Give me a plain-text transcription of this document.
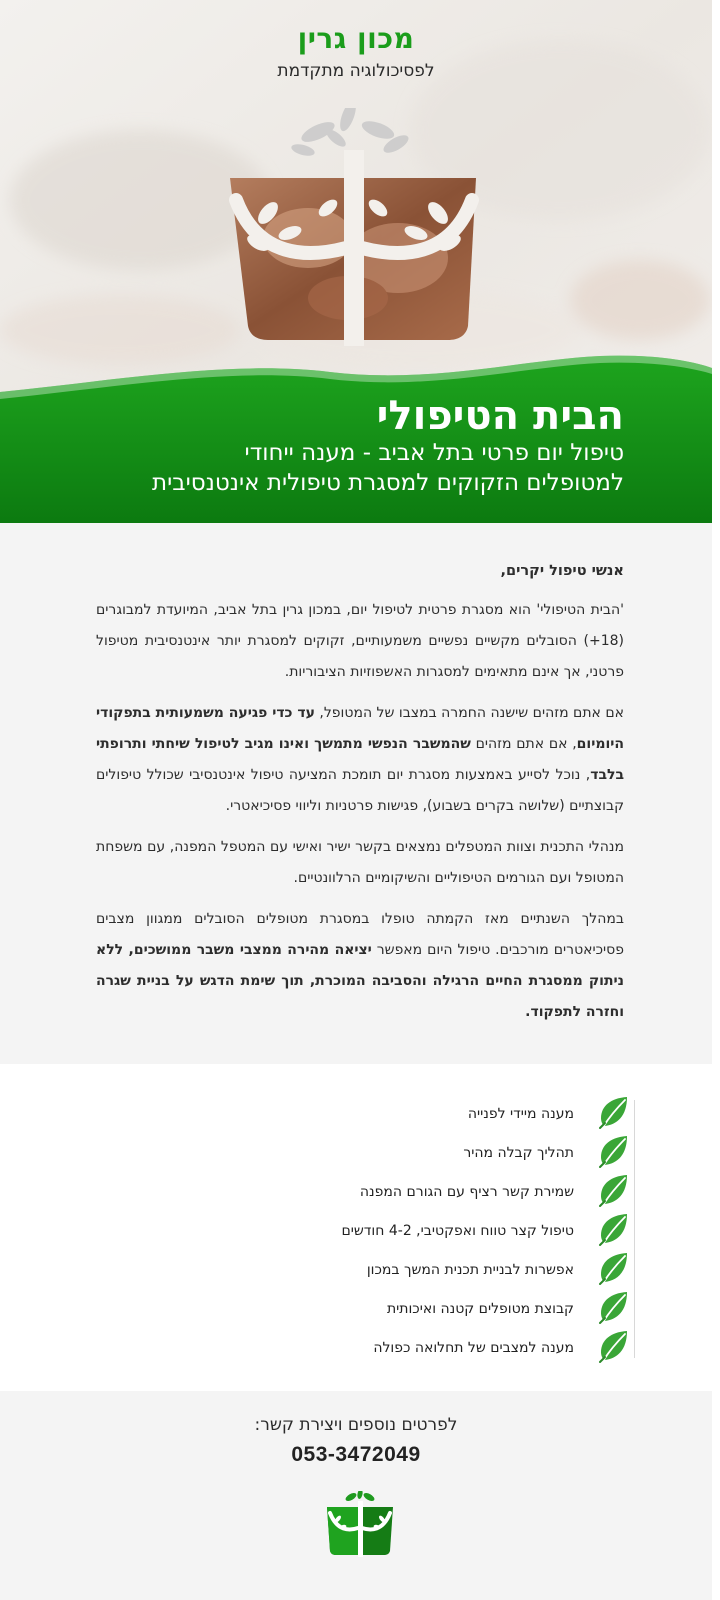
מכון גרין
לפסיכולוגיה מתקדמת
הבית הטיפולי
טיפול יום פרטי בתל אביב - מענה ייחודי
למטופלים הזקוקים למסגרת טיפולית אינטנסיבית
אנשי טיפול יקרים,

'הבית הטיפולי' הוא מסגרת פרטית לטיפול יום, במכון גרין בתל אביב, המיועדת למבוגרים (18+) הסובלים מקשיים נפשיים משמעותיים, זקוקים למסגרת יותר אינטנסיבית מטיפול פרטני, אך אינם מתאימים למסגרות האשפוזיות הציבוריות.

אם אתם מזהים שישנה החמרה במצבו של המטופל, עד כדי פגיעה משמעותית בתפקודי היומיום, אם אתם מזהים שהמשבר הנפשי מתמשך ואינו מגיב לטיפול שיחתי ותרופתי בלבד, נוכל לסייע באמצעות מסגרת יום תומכת המציעה טיפול אינטנסיבי שכולל טיפולים קבוצתיים (שלושה בקרים בשבוע), פגישות פרטניות וליווי פסיכיאטרי.

מנהלי התכנית וצוות המטפלים נמצאים בקשר ישיר ואישי עם המטפל המפנה, עם משפחת המטופל ועם הגורמים הטיפוליים והשיקומיים הרלוונטיים.

במהלך השנתיים מאז הקמתה טופלו במסגרת מטופלים הסובלים ממגוון מצבים פסיכיאטרים מורכבים. טיפול היום מאפשר יציאה מהירה ממצבי משבר ממושכים, ללא ניתוק ממסגרת החיים הרגילה והסביבה המוכרת, תוך שימת הדגש על בניית שגרה וחזרה לתפקוד.

מענה מיידי לפנייה
תהליך קבלה מהיר
שמירת קשר רציף עם הגורם המפנה
טיפול קצר טווח ואפקטיבי, 4-2 חודשים
אפשרות לבניית תכנית המשך במכון
קבוצת מטופלים קטנה ואיכותית
מענה למצבים של תחלואה כפולה
לפרטים נוספים ויצירת קשר:
053-3472049
